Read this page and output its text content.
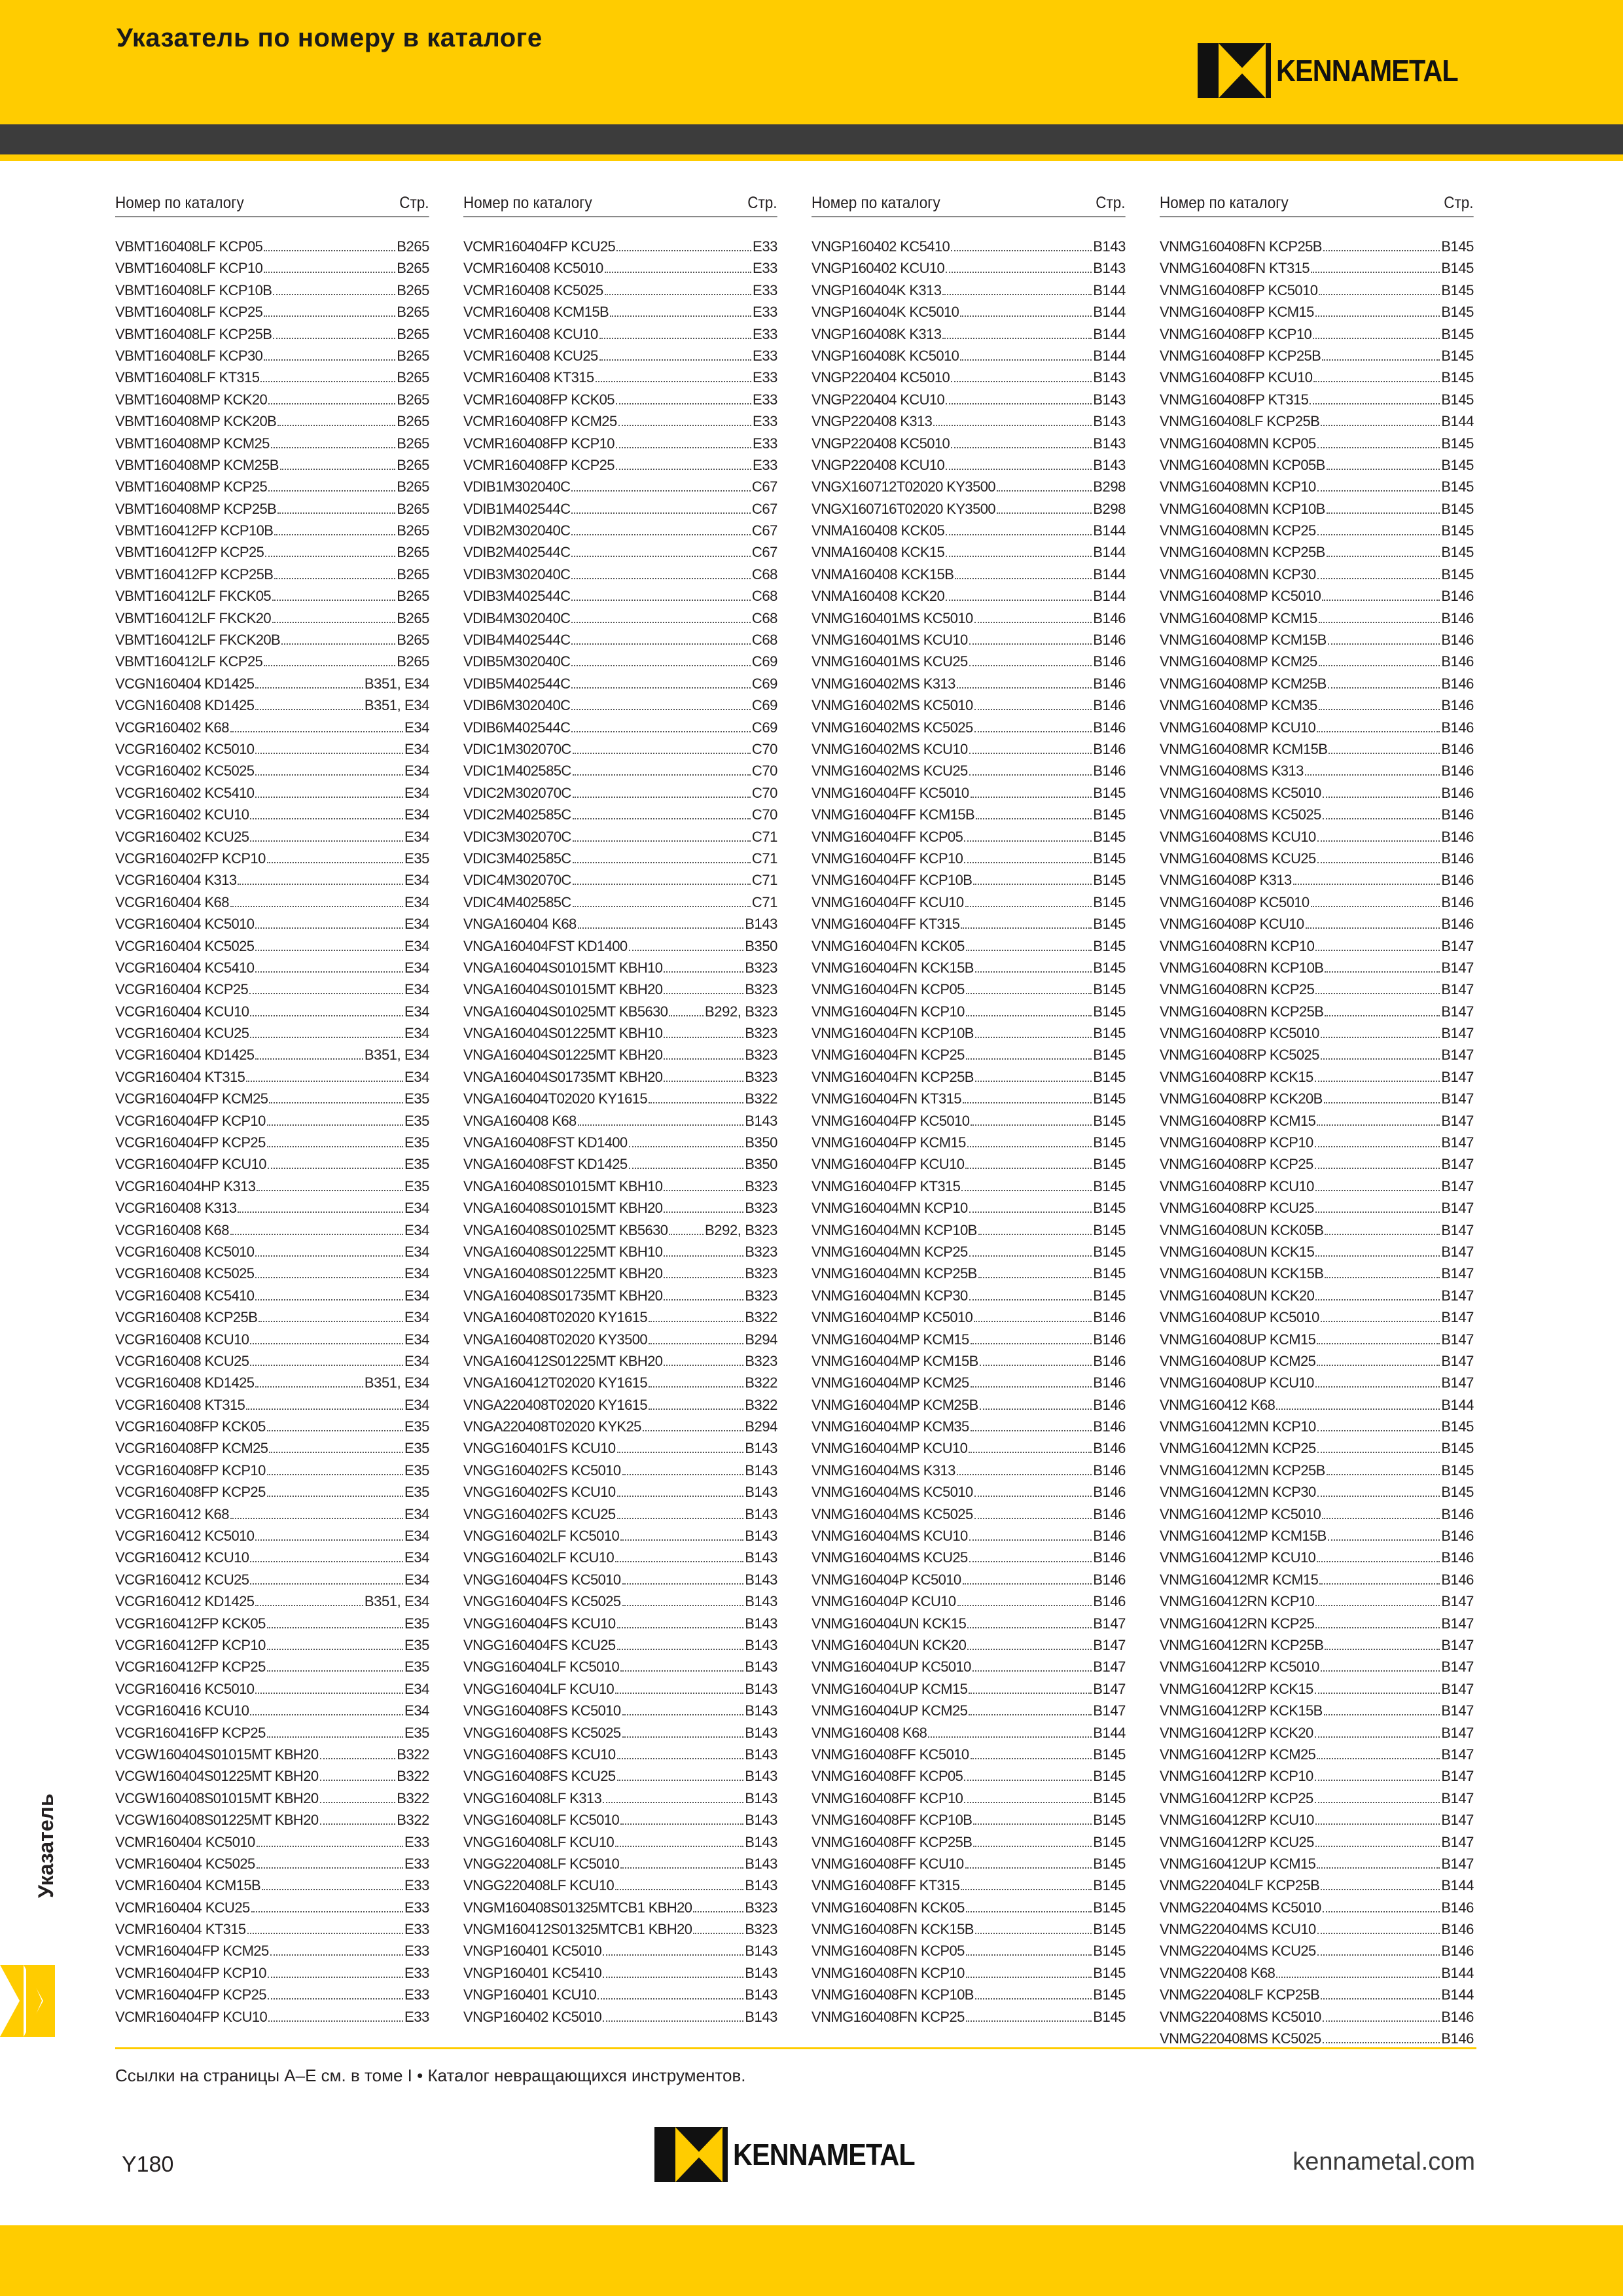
Указатель по номеру в каталоге
KENNAMETAL
Номер по каталогу	Стр.
VBMT160408LF KCP05	B265
VBMT160408LF KCP10	B265
VBMT160408LF KCP10B	B265
VBMT160408LF KCP25	B265
VBMT160408LF KCP25B	B265
VBMT160408LF KCP30	B265
VBMT160408LF KT315	B265
VBMT160408MP KCK20	B265
VBMT160408MP KCK20B	B265
VBMT160408MP KCM25	B265
VBMT160408MP KCM25B	B265
VBMT160408MP KCP25	B265
VBMT160408MP KCP25B	B265
VBMT160412FP KCP10B	B265
VBMT160412FP KCP25	B265
VBMT160412FP KCP25B	B265
VBMT160412LF FKCK05	B265
VBMT160412LF FKCK20	B265
VBMT160412LF FKCK20B	B265
VBMT160412LF KCP25	B265
VCGN160404 KD1425	B351, E34
VCGN160408 KD1425	B351, E34
VCGR160402 K68	E34
VCGR160402 KC5010	E34
VCGR160402 KC5025	E34
VCGR160402 KC5410	E34
VCGR160402 KCU10	E34
VCGR160402 KCU25	E34
VCGR160402FP KCP10	E35
VCGR160404 K313	E34
VCGR160404 K68	E34
VCGR160404 KC5010	E34
VCGR160404 KC5025	E34
VCGR160404 KC5410	E34
VCGR160404 KCP25	E34
VCGR160404 KCU10	E34
VCGR160404 KCU25	E34
VCGR160404 KD1425	B351, E34
VCGR160404 KT315	E34
VCGR160404FP KCM25	E35
VCGR160404FP KCP10	E35
VCGR160404FP KCP25	E35
VCGR160404FP KCU10	E35
VCGR160404HP K313	E35
VCGR160408 K313	E34
VCGR160408 K68	E34
VCGR160408 KC5010	E34
VCGR160408 KC5025	E34
VCGR160408 KC5410	E34
VCGR160408 KCP25B	E34
VCGR160408 KCU10	E34
VCGR160408 KCU25	E34
VCGR160408 KD1425	B351, E34
VCGR160408 KT315	E34
VCGR160408FP KCK05	E35
VCGR160408FP KCM25	E35
VCGR160408FP KCP10	E35
VCGR160408FP KCP25	E35
VCGR160412 K68	E34
VCGR160412 KC5010	E34
VCGR160412 KCU10	E34
VCGR160412 KCU25	E34
VCGR160412 KD1425	B351, E34
VCGR160412FP KCK05	E35
VCGR160412FP KCP10	E35
VCGR160412FP KCP25	E35
VCGR160416 KC5010	E34
VCGR160416 KCU10	E34
VCGR160416FP KCP25	E35
VCGW160404S01015MT KBH20	B322
VCGW160404S01225MT KBH20	B322
VCGW160408S01015MT KBH20	B322
VCGW160408S01225MT KBH20	B322
VCMR160404 KC5010	E33
VCMR160404 KC5025	E33
VCMR160404 KCM15B	E33
VCMR160404 KCU25	E33
VCMR160404 KT315	E33
VCMR160404FP KCM25	E33
VCMR160404FP KCP10	E33
VCMR160404FP KCP25	E33
VCMR160404FP KCU10	E33
Номер по каталогу	Стр.
VCMR160404FP KCU25	E33
VCMR160408 KC5010	E33
VCMR160408 KC5025	E33
VCMR160408 KCM15B	E33
VCMR160408 KCU10	E33
VCMR160408 KCU25	E33
VCMR160408 KT315	E33
VCMR160408FP KCK05	E33
VCMR160408FP KCM25	E33
VCMR160408FP KCP10	E33
VCMR160408FP KCP25	E33
VDIB1M302040C	C67
VDIB1M402544C	C67
VDIB2M302040C	C67
VDIB2M402544C	C67
VDIB3M302040C	C68
VDIB3M402544C	C68
VDIB4M302040C	C68
VDIB4M402544C	C68
VDIB5M302040C	C69
VDIB5M402544C	C69
VDIB6M302040C	C69
VDIB6M402544C	C69
VDIC1M302070C	C70
VDIC1M402585C	C70
VDIC2M302070C	C70
VDIC2M402585C	C70
VDIC3M302070C	C71
VDIC3M402585C	C71
VDIC4M302070C	C71
VDIC4M402585C	C71
VNGA160404 K68	B143
VNGA160404FST KD1400	B350
VNGA160404S01015MT KBH10	B323
VNGA160404S01015MT KBH20	B323
VNGA160404S01025MT KB5630	B292, B323
VNGA160404S01225MT KBH10	B323
VNGA160404S01225MT KBH20	B323
VNGA160404S01735MT KBH20	B323
VNGA160404T02020 KY1615	B322
VNGA160408 K68	B143
VNGA160408FST KD1400	B350
VNGA160408FST KD1425	B350
VNGA160408S01015MT KBH10	B323
VNGA160408S01015MT KBH20	B323
VNGA160408S01025MT KB5630	B292, B323
VNGA160408S01225MT KBH10	B323
VNGA160408S01225MT KBH20	B323
VNGA160408S01735MT KBH20	B323
VNGA160408T02020 KY1615	B322
VNGA160408T02020 KY3500	B294
VNGA160412S01225MT KBH20	B323
VNGA160412T02020 KY1615	B322
VNGA220408T02020 KY1615	B322
VNGA220408T02020 KYK25	B294
VNGG160401FS KCU10	B143
VNGG160402FS KC5010	B143
VNGG160402FS KCU10	B143
VNGG160402FS KCU25	B143
VNGG160402LF KC5010	B143
VNGG160402LF KCU10	B143
VNGG160404FS KC5010	B143
VNGG160404FS KC5025	B143
VNGG160404FS KCU10	B143
VNGG160404FS KCU25	B143
VNGG160404LF KC5010	B143
VNGG160404LF KCU10	B143
VNGG160408FS KC5010	B143
VNGG160408FS KC5025	B143
VNGG160408FS KCU10	B143
VNGG160408FS KCU25	B143
VNGG160408LF K313	B143
VNGG160408LF KC5010	B143
VNGG160408LF KCU10	B143
VNGG220408LF KC5010	B143
VNGG220408LF KCU10	B143
VNGM160408S01325MTCB1 KBH20	B323
VNGM160412S01325MTCB1 KBH20	B323
VNGP160401 KC5010	B143
VNGP160401 KC5410	B143
VNGP160401 KCU10	B143
VNGP160402 KC5010	B143
Номер по каталогу	Стр.
VNGP160402 KC5410	B143
VNGP160402 KCU10	B143
VNGP160404K K313	B144
VNGP160404K KC5010	B144
VNGP160408K K313	B144
VNGP160408K KC5010	B144
VNGP220404 KC5010	B143
VNGP220404 KCU10	B143
VNGP220408 K313	B143
VNGP220408 KC5010	B143
VNGP220408 KCU10	B143
VNGX160712T02020 KY3500	B298
VNGX160716T02020 KY3500	B298
VNMA160408 KCK05	B144
VNMA160408 KCK15	B144
VNMA160408 KCK15B	B144
VNMA160408 KCK20	B144
VNMG160401MS KC5010	B146
VNMG160401MS KCU10	B146
VNMG160401MS KCU25	B146
VNMG160402MS K313	B146
VNMG160402MS KC5010	B146
VNMG160402MS KC5025	B146
VNMG160402MS KCU10	B146
VNMG160402MS KCU25	B146
VNMG160404FF KC5010	B145
VNMG160404FF KCM15B	B145
VNMG160404FF KCP05	B145
VNMG160404FF KCP10	B145
VNMG160404FF KCP10B	B145
VNMG160404FF KCU10	B145
VNMG160404FF KT315	B145
VNMG160404FN KCK05	B145
VNMG160404FN KCK15B	B145
VNMG160404FN KCP05	B145
VNMG160404FN KCP10	B145
VNMG160404FN KCP10B	B145
VNMG160404FN KCP25	B145
VNMG160404FN KCP25B	B145
VNMG160404FN KT315	B145
VNMG160404FP KC5010	B145
VNMG160404FP KCM15	B145
VNMG160404FP KCU10	B145
VNMG160404FP KT315	B145
VNMG160404MN KCP10	B145
VNMG160404MN KCP10B	B145
VNMG160404MN KCP25	B145
VNMG160404MN KCP25B	B145
VNMG160404MN KCP30	B145
VNMG160404MP KC5010	B146
VNMG160404MP KCM15	B146
VNMG160404MP KCM15B	B146
VNMG160404MP KCM25	B146
VNMG160404MP KCM25B	B146
VNMG160404MP KCM35	B146
VNMG160404MP KCU10	B146
VNMG160404MS K313	B146
VNMG160404MS KC5010	B146
VNMG160404MS KC5025	B146
VNMG160404MS KCU10	B146
VNMG160404MS KCU25	B146
VNMG160404P KC5010	B146
VNMG160404P KCU10	B146
VNMG160404UN KCK15	B147
VNMG160404UN KCK20	B147
VNMG160404UP KC5010	B147
VNMG160404UP KCM15	B147
VNMG160404UP KCM25	B147
VNMG160408 K68	B144
VNMG160408FF KC5010	B145
VNMG160408FF KCP05	B145
VNMG160408FF KCP10	B145
VNMG160408FF KCP10B	B145
VNMG160408FF KCP25B	B145
VNMG160408FF KCU10	B145
VNMG160408FF KT315	B145
VNMG160408FN KCK05	B145
VNMG160408FN KCK15B	B145
VNMG160408FN KCP05	B145
VNMG160408FN KCP10	B145
VNMG160408FN KCP10B	B145
VNMG160408FN KCP25	B145
Номер по каталогу	Стр.
VNMG160408FN KCP25B	B145
VNMG160408FN KT315	B145
VNMG160408FP KC5010	B145
VNMG160408FP KCM15	B145
VNMG160408FP KCP10	B145
VNMG160408FP KCP25B	B145
VNMG160408FP KCU10	B145
VNMG160408FP KT315	B145
VNMG160408LF KCP25B	B144
VNMG160408MN KCP05	B145
VNMG160408MN KCP05B	B145
VNMG160408MN KCP10	B145
VNMG160408MN KCP10B	B145
VNMG160408MN KCP25	B145
VNMG160408MN KCP25B	B145
VNMG160408MN KCP30	B145
VNMG160408MP KC5010	B146
VNMG160408MP KCM15	B146
VNMG160408MP KCM15B	B146
VNMG160408MP KCM25	B146
VNMG160408MP KCM25B	B146
VNMG160408MP KCM35	B146
VNMG160408MP KCU10	B146
VNMG160408MR KCM15B	B146
VNMG160408MS K313	B146
VNMG160408MS KC5010	B146
VNMG160408MS KC5025	B146
VNMG160408MS KCU10	B146
VNMG160408MS KCU25	B146
VNMG160408P K313	B146
VNMG160408P KC5010	B146
VNMG160408P KCU10	B146
VNMG160408RN KCP10	B147
VNMG160408RN KCP10B	B147
VNMG160408RN KCP25	B147
VNMG160408RN KCP25B	B147
VNMG160408RP KC5010	B147
VNMG160408RP KC5025	B147
VNMG160408RP KCK15	B147
VNMG160408RP KCK20B	B147
VNMG160408RP KCM15	B147
VNMG160408RP KCP10	B147
VNMG160408RP KCP25	B147
VNMG160408RP KCU10	B147
VNMG160408RP KCU25	B147
VNMG160408UN KCK05B	B147
VNMG160408UN KCK15	B147
VNMG160408UN KCK15B	B147
VNMG160408UN KCK20	B147
VNMG160408UP KC5010	B147
VNMG160408UP KCM15	B147
VNMG160408UP KCM25	B147
VNMG160408UP KCU10	B147
VNMG160412 K68	B144
VNMG160412MN KCP10	B145
VNMG160412MN KCP25	B145
VNMG160412MN KCP25B	B145
VNMG160412MN KCP30	B145
VNMG160412MP KC5010	B146
VNMG160412MP KCM15B	B146
VNMG160412MP KCU10	B146
VNMG160412MR KCM15	B146
VNMG160412RN KCP10	B147
VNMG160412RN KCP25	B147
VNMG160412RN KCP25B	B147
VNMG160412RP KC5010	B147
VNMG160412RP KCK15	B147
VNMG160412RP KCK15B	B147
VNMG160412RP KCK20	B147
VNMG160412RP KCM25	B147
VNMG160412RP KCP10	B147
VNMG160412RP KCP25	B147
VNMG160412RP KCU10	B147
VNMG160412RP KCU25	B147
VNMG160412UP KCM15	B147
VNMG220404LF KCP25B	B144
VNMG220404MS KC5010	B146
VNMG220404MS KCU10	B146
VNMG220404MS KCU25	B146
VNMG220408 K68	B144
VNMG220408LF KCP25B	B144
VNMG220408MS KC5010	B146
VNMG220408MS KC5025	B146
Ссылки на страницы A–E см. в томе I • Каталог невращающихся инструментов.
Указатель
Y180	KENNAMETAL	kennametal.com
